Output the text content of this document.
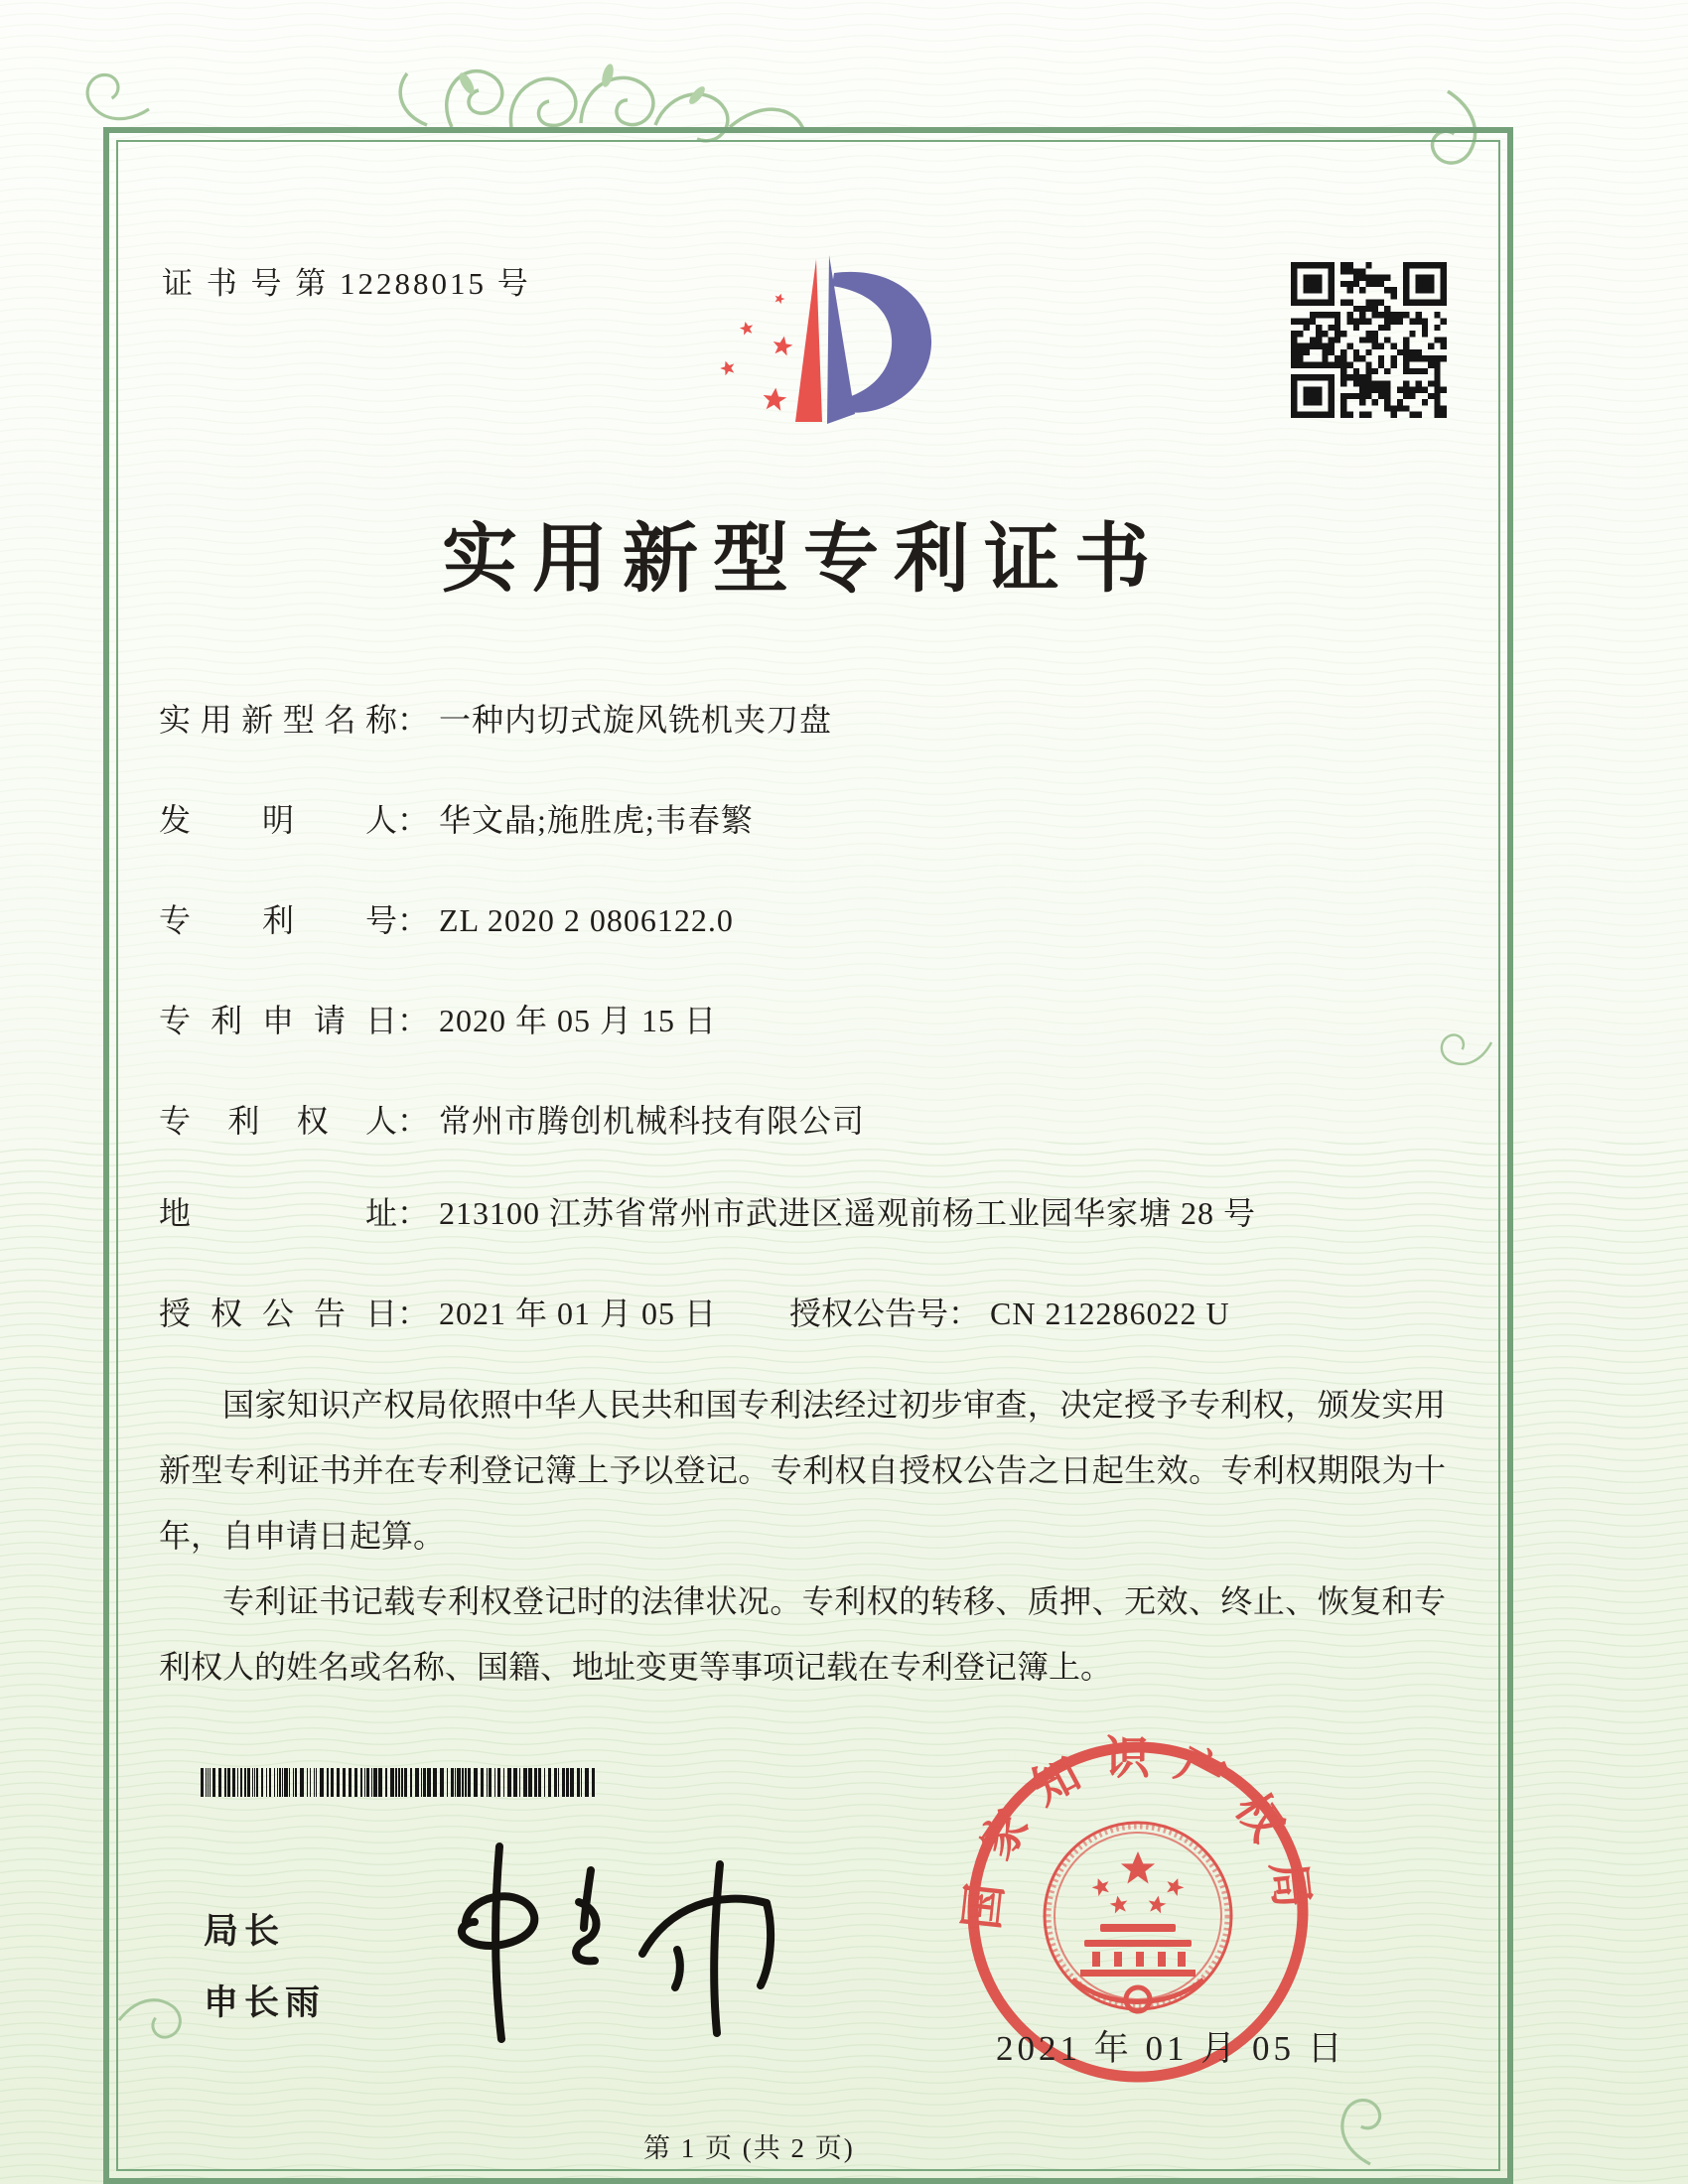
证 书 号 第 12288015 号
实用新型专利证书
实用新型名称： 一种内切式旋风铣机夹刀盘
发明人： 华文晶;施胜虎;韦春繁
专利号： ZL 2020 2 0806122.0
专利申请日： 2020 年 05 月 15 日
专利权人： 常州市腾创机械科技有限公司
地址： 213100 江苏省常州市武进区遥观前杨工业园华家塘 28 号
授权公告日： 2021 年 01 月 05 日 授权公告号： CN 212286022 U

国家知识产权局依照中华人民共和国专利法经过初步审查，决定授予专利权，颁发实用新型专利证书并在专利登记簿上予以登记。专利权自授权公告之日起生效。专利权期限为十年，自申请日起算。

专利证书记载专利权登记时的法律状况。专利权的转移、质押、无效、终止、恢复和专利权人的姓名或名称、国籍、地址变更等事项记载在专利登记簿上。

局长
申长雨
国家知识产权局
2021 年 01 月 05 日
第 1 页 (共 2 页)
